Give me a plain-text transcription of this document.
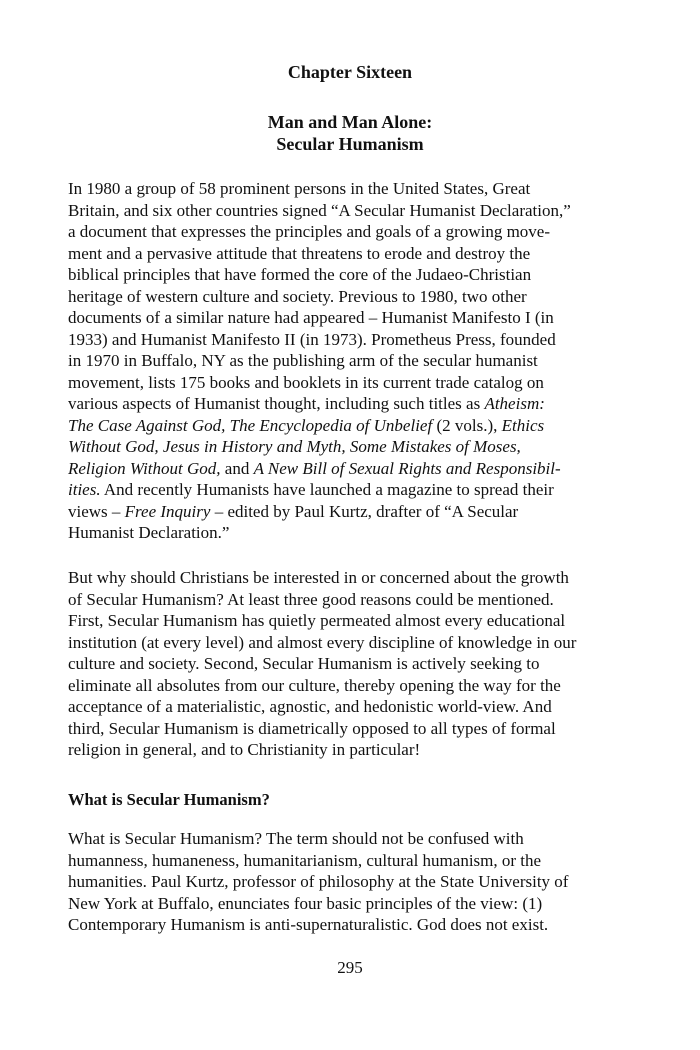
Chapter Sixteen

Man and Man Alone:
Secular Humanism
In 1980 a group of 58 prominent persons in the United States, Great
Britain, and six other countries signed “A Secular Humanist Declaration,”
a document that expresses the principles and goals of a growing move-
ment and a pervasive attitude that threatens to erode and destroy the
biblical principles that have formed the core of the Judaeo-Christian
heritage of western culture and society. Previous to 1980, two other
documents of a similar nature had appeared – Humanist Manifesto I (in
1933) and Humanist Manifesto II (in 1973). Prometheus Press, founded
in 1970 in Buffalo, NY as the publishing arm of the secular humanist
movement, lists 175 books and booklets in its current trade catalog on
various aspects of Humanist thought, including such titles as Atheism:
The Case Against God, The Encyclopedia of Unbelief (2 vols.), Ethics
Without God, Jesus in History and Myth, Some Mistakes of Moses,
Religion Without God, and A New Bill of Sexual Rights and Responsibil-
ities. And recently Humanists have launched a magazine to spread their
views – Free Inquiry – edited by Paul Kurtz, drafter of “A Secular
Humanist Declaration.”
But why should Christians be interested in or concerned about the growth
of Secular Humanism? At least three good reasons could be mentioned.
First, Secular Humanism has quietly permeated almost every educational
institution (at every level) and almost every discipline of knowledge in our
culture and society. Second, Secular Humanism is actively seeking to
eliminate all absolutes from our culture, thereby opening the way for the
acceptance of a materialistic, agnostic, and hedonistic world-view. And
third, Secular Humanism is diametrically opposed to all types of formal
religion in general, and to Christianity in particular!
What is Secular Humanism?
What is Secular Humanism? The term should not be confused with
humanness, humaneness, humanitarianism, cultural humanism, or the
humanities. Paul Kurtz, professor of philosophy at the State University of
New York at Buffalo, enunciates four basic principles of the view: (1)
Contemporary Humanism is anti-supernaturalistic. God does not exist.

295
